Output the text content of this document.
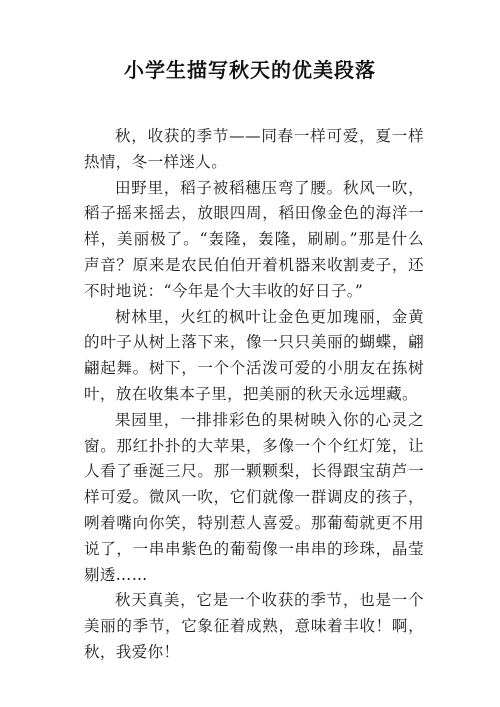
小学生描写秋天的优美段落

秋，收获的季节——同春一样可爱，夏一样热情，冬一样迷人。

田野里，稻子被稻穗压弯了腰。秋风一吹，稻子摇来摇去，放眼四周，稻田像金色的海洋一样，美丽极了。“轰隆，轰隆，刷刷。”那是什么声音？原来是农民伯伯开着机器来收割麦子，还不时地说：“今年是个大丰收的好日子。”

树林里，火红的枫叶让金色更加瑰丽，金黄的叶子从树上落下来，像一只只美丽的蝴蝶，翩翩起舞。树下，一个个活泼可爱的小朋友在拣树叶，放在收集本子里，把美丽的秋天永远埋藏。

果园里，一排排彩色的果树映入你的心灵之窗。那红扑扑的大苹果，多像一个个红灯笼，让人看了垂涎三尺。那一颗颗梨，长得跟宝葫芦一样可爱。微风一吹，它们就像一群调皮的孩子，咧着嘴向你笑，特别惹人喜爱。那葡萄就更不用说了，一串串紫色的葡萄像一串串的珍珠，晶莹剔透……

秋天真美，它是一个收获的季节，也是一个美丽的季节，它象征着成熟，意味着丰收！啊，秋，我爱你！
